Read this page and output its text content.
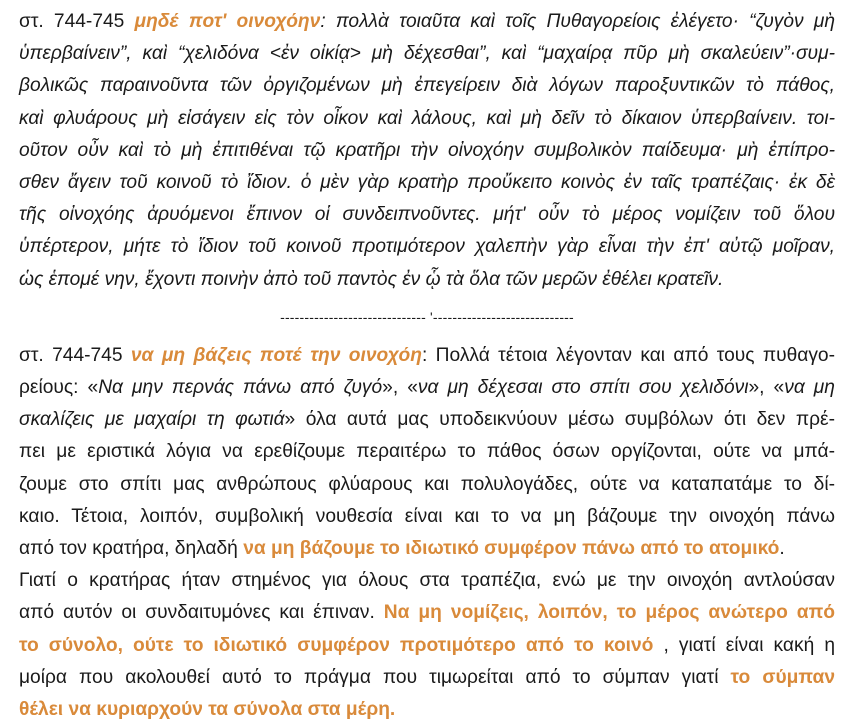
στ. 744-745 μηδέ ποτ' οινοχόην: πολλὰ τοιαῦτα καὶ τοῖς Πυθαγορείοις ἐλέγετο· “ζυγὸν μὴ
ὑπερβαίνειν”, καὶ “χελιδόνα <ἐν οἰκίᾳ> μὴ δέχεσθαι”, καὶ “μαχαίρᾳ πῦρ μὴ σκαλεύειν”·συμ-
βολικῶς παραινοῦντα τῶν ὀργιζομένων μὴ ἐπεγείρειν διὰ λόγων παροξυντικῶν τὸ πάθος,
καὶ φλυάρους μὴ εἰσάγειν εἰς τὸν οἶκον καὶ λάλους, καὶ μὴ δεῖν τὸ δίκαιον ὑπερβαίνειν. τοι-
οῦτον οὖν καὶ τὸ μὴ ἐπιτιθέναι τῷ κρατῆρι τὴν οἰνοχόην συμβολικὸν παίδευμα· μὴ ἐπίπρο-
σθεν ἄγειν τοῦ κοινοῦ τὸ ἴδιον. ὁ μὲν γὰρ κρατὴρ προὔκειτο κοινὸς ἐν ταῖς τραπέζαις· ἐκ δὲ
τῆς οἰνοχόης ἀρυόμενοι ἔπινον οἱ συνδειπνοῦντες. μήτ' οὖν τὸ μέρος νομίζειν τοῦ ὅλου
ὑπέρτερον, μήτε τὸ ἴδιον τοῦ κοινοῦ προτιμότερον χαλεπὴν γὰρ εἶναι τὴν ἐπ' αὐτῷ μοῖραν,
ὡς ἑπομέ νην, ἔχοντι ποινὴν ἀπὸ τοῦ παντὸς ἐν ᾧ τὰ ὅλα τῶν μερῶν ἐθέλει κρατεῖν.
------------------------------ '-----------------------------
στ. 744-745 να μη βάζεις ποτέ την οινοχόη: Πολλά τέτοια λέγονταν και από τους πυθαγο-
ρείους: «Να μην περνάς πάνω από ζυγό», «να μη δέχεσαι στο σπίτι σου χελιδόνι», «να μη
σκαλίζεις με μαχαίρι τη φωτιά» όλα αυτά μας υποδεικνύουν μέσω συμβόλων ότι δεν πρέ-
πει με εριστικά λόγια να ερεθίζουμε περαιτέρω το πάθος όσων οργίζονται, ούτε να μπά-
ζουμε στο σπίτι μας ανθρώπους φλύαρους και πολυλογάδες, ούτε να καταπατάμε το δί-
καιο. Τέτοια, λοιπόν, συμβολική νουθεσία είναι και το να μη βάζουμε την οινοχόη πάνω
από τον κρατήρα, δηλαδή να μη βάζουμε το ιδιωτικό συμφέρον πάνω από το ατομικό.
Γιατί ο κρατήρας ήταν στημένος για όλους στα τραπέζια, ενώ με την οινοχόη αντλούσαν
από αυτόν οι συνδαιτυμόνες και έπιναν. Να μη νομίζεις, λοιπόν, το μέρος ανώτερο από
το σύνολο, ούτε το ιδιωτικό συμφέρον προτιμότερο από το κοινό , γιατί είναι κακή η
μοίρα που ακολουθεί αυτό το πράγμα που τιμωρείται από το σύμπαν γιατί το σύμπαν
θέλει να κυριαρχούν τα σύνολα στα μέρη.
